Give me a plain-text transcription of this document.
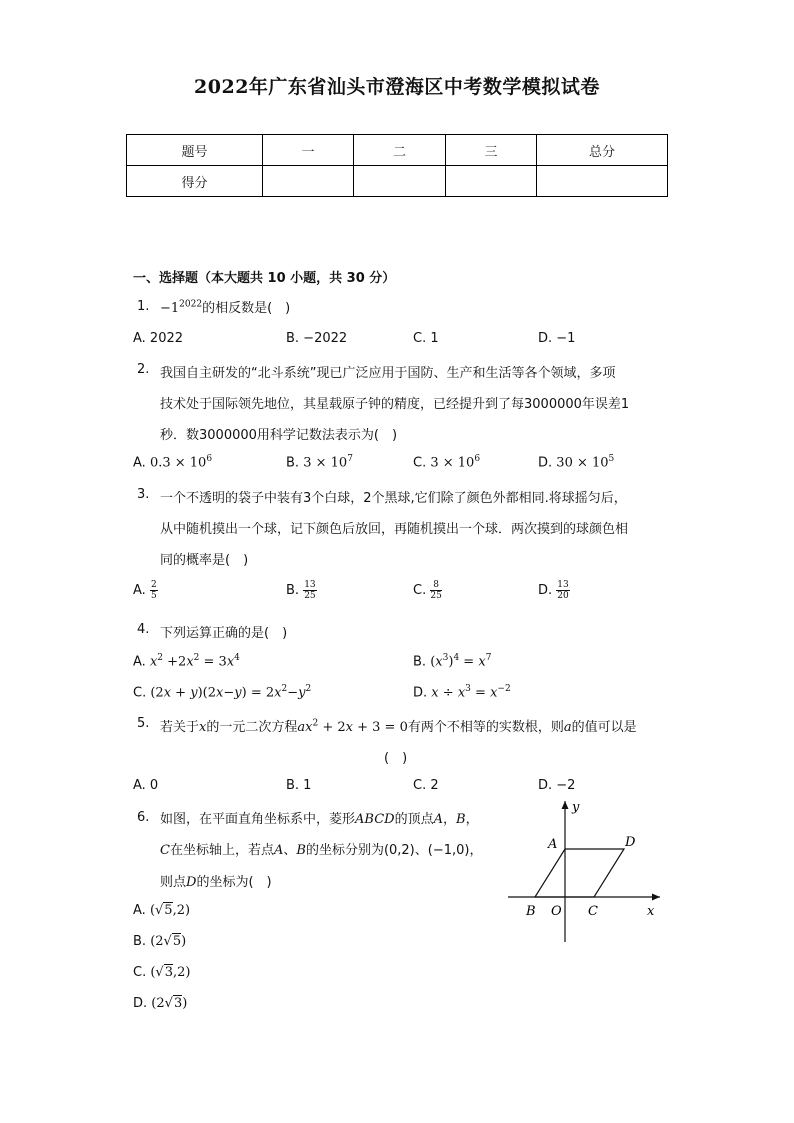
2022年广东省汕头市澄海区中考数学模拟试卷
题号	一	二	三	总分
得分				
一、选择题（本大题共 10 小题，共 30 分）
1. $-1^{2022}$的相反数是(　)
A. 2022	B. −2022	C. 1	D. −1
2. 我国自主研发的“北斗系统”现已广泛应用于国防、生产和生活等各个领域，多项
技术处于国际领先地位，其星载原子钟的精度，已经提升到了每3000000年误差1
秒．数3000000用科学记数法表示为(　)
A. $0.3 \times 10^6$	B. $3 \times 10^7$	C. $3 \times 10^6$	D. $30 \times 10^5$
3. 一个不透明的袋子中装有3个白球，2个黑球,它们除了颜色外都相同.将球摇匀后，
从中随机摸出一个球，记下颜色后放回，再随机摸出一个球．两次摸到的球颜色相
同的概率是(　)
A. $\frac{2}{5}$	B. $\frac{13}{25}$	C. $\frac{8}{25}$	D. $\frac{13}{20}$
4. 下列运算正确的是(　)
A. $x^2 +2x^2 = 3x^4$	B. $(x^3)^4 = x^7$
C. $(2x + y)(2x-y) = 2x^2-y^2$	D. $x \div x^3 = x^{-2}$
5. 若关于x的一元二次方程$ax^2 + 2x + 3 = 0$有两个不相等的实数根，则a的值可以是
(　)
A. 0	B. 1	C. 2	D. −2
6. 如图，在平面直角坐标系中，菱形ABCD的顶点A，B，
C在坐标轴上，若点A、B的坐标分别为(0,2)、(−1,0)，
则点D的坐标为(　)
A. (√5,2)
B. (2√5)
C. (√3,2)
D. (2√3)
y
x
A	D
B O C
